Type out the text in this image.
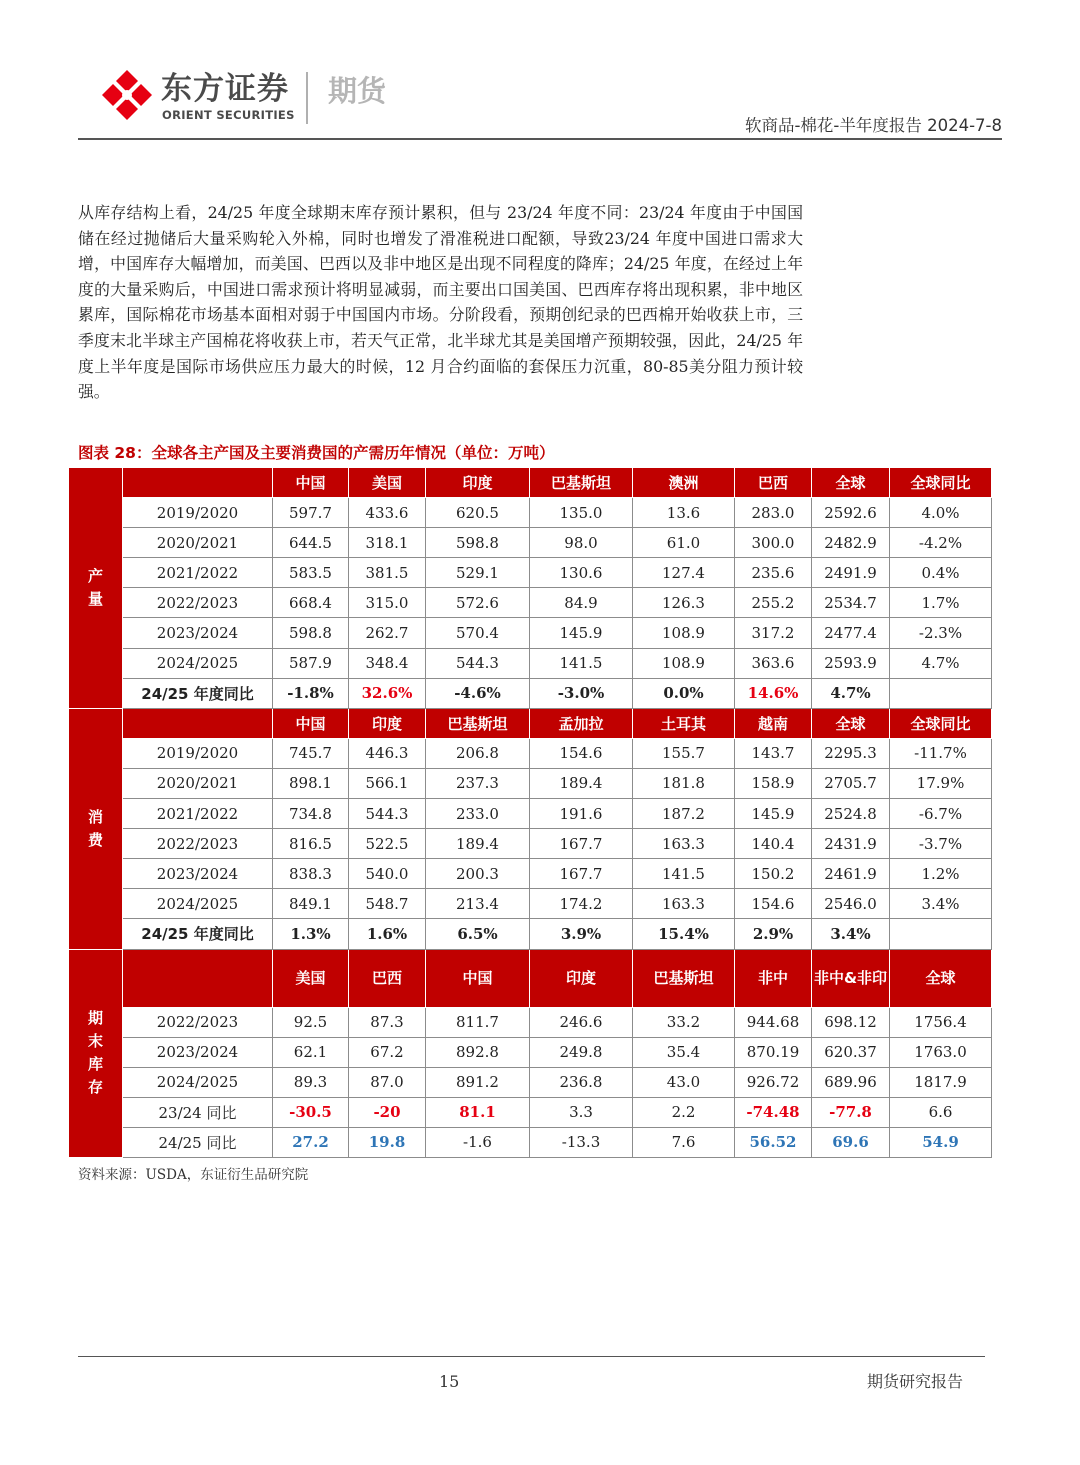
东方证券
ORIENT SECURITIES
期货
软商品-棉花-半年度报告 2024-7-8

从库存结构上看，24/25 年度全球期末库存预计累积，但与 23/24 年度不同：23/24 年度由于中国国储在经过抛储后大量采购轮入外棉，同时也增发了滑准税进口配额，导致23/24 年度中国进口需求大增，中国库存大幅增加，而美国、巴西以及非中地区是出现不同程度的降库；24/25 年度，在经过上年度的大量采购后，中国进口需求预计将明显减弱，而主要出口国美国、巴西库存将出现积累，非中地区累库，国际棉花市场基本面相对弱于中国国内市场。分阶段看，预期创纪录的巴西棉开始收获上市，三季度末北半球主产国棉花将收获上市，若天气正常，北半球尤其是美国增产预期较强，因此，24/25 年度上半年度是国际市场供应压力最大的时候，12 月合约面临的套保压力沉重，80-85美分阻力预计较强。

图表 28：全球各主产国及主要消费国的产需历年情况（单位：万吨）
产量		中国	美国	印度	巴基斯坦	澳洲	巴西	全球	全球同比
	2019/2020	597.7	433.6	620.5	135.0	13.6	283.0	2592.6	4.0%
	2020/2021	644.5	318.1	598.8	98.0	61.0	300.0	2482.9	-4.2%
	2021/2022	583.5	381.5	529.1	130.6	127.4	235.6	2491.9	0.4%
	2022/2023	668.4	315.0	572.6	84.9	126.3	255.2	2534.7	1.7%
	2023/2024	598.8	262.7	570.4	145.9	108.9	317.2	2477.4	-2.3%
	2024/2025	587.9	348.4	544.3	141.5	108.9	363.6	2593.9	4.7%
	24/25 年度同比	-1.8%	32.6%	-4.6%	-3.0%	0.0%	14.6%	4.7%	
消费		中国	印度	巴基斯坦	孟加拉	土耳其	越南	全球	全球同比
	2019/2020	745.7	446.3	206.8	154.6	155.7	143.7	2295.3	-11.7%
	2020/2021	898.1	566.1	237.3	189.4	181.8	158.9	2705.7	17.9%
	2021/2022	734.8	544.3	233.0	191.6	187.2	145.9	2524.8	-6.7%
	2022/2023	816.5	522.5	189.4	167.7	163.3	140.4	2431.9	-3.7%
	2023/2024	838.3	540.0	200.3	167.7	141.5	150.2	2461.9	1.2%
	2024/2025	849.1	548.7	213.4	174.2	163.3	154.6	2546.0	3.4%
	24/25 年度同比	1.3%	1.6%	6.5%	3.9%	15.4%	2.9%	3.4%	
期末库存		美国	巴西	中国	印度	巴基斯坦	非中	非中&非印	全球
	2022/2023	92.5	87.3	811.7	246.6	33.2	944.68	698.12	1756.4
	2023/2024	62.1	67.2	892.8	249.8	35.4	870.19	620.37	1763.0
	2024/2025	89.3	87.0	891.2	236.8	43.0	926.72	689.96	1817.9
	23/24 同比	-30.5	-20	81.1	3.3	2.2	-74.48	-77.8	6.6
	24/25 同比	27.2	19.8	-1.6	-13.3	7.6	56.52	69.6	54.9
资料来源：USDA，东证衍生品研究院
15	期货研究报告
